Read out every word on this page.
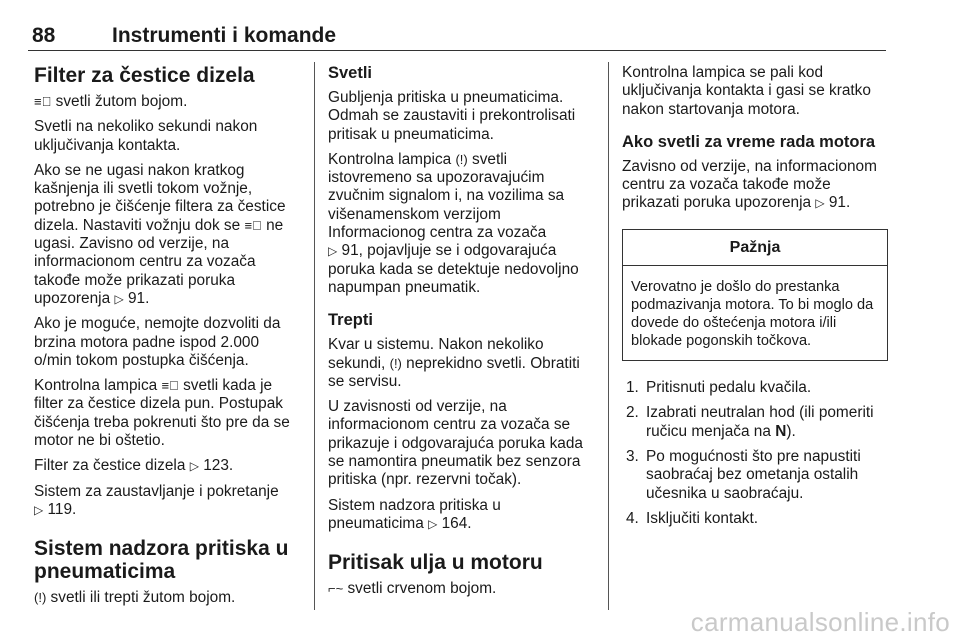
88	Instrumenti i komande
Filter za čestice dizela

≡⃝ svetli žutom bojom.

Svetli na nekoliko sekundi nakon uključivanja kontakta.

Ako se ne ugasi nakon kratkog kašnjenja ili svetli tokom vožnje, potrebno je čišćenje filtera za čestice dizela. Nastaviti vožnju dok se ≡⃝ ne ugasi. Zavisno od verzije, na informacionom centru za vozača takođe može prikazati poruka upozorenja ▷ 91.

Ako je moguće, nemojte dozvoliti da brzina motora padne ispod 2.000 o/min tokom postupka čišćenja.

Kontrolna lampica ≡⃝ svetli kada je filter za čestice dizela pun. Postupak čišćenja treba pokrenuti što pre da se motor ne bi oštetio.

Filter za čestice dizela ▷ 123.

Sistem za zaustavljanje i pokretanje
▷ 119.

Sistem nadzora pritiska u pneumaticima

(!) svetli ili trepti žutom bojom.

Svetli

Gubljenja pritiska u pneumaticima. Odmah se zaustaviti i prekontrolisati pritisak u pneumaticima.

Kontrolna lampica (!) svetli istovremeno sa upozoravajućim zvučnim signalom i, na vozilima sa višenamenskom verzijom Informacionog centra za vozača
▷ 91, pojavljuje se i odgovarajuća poruka kada se detektuje nedovoljno napumpan pneumatik.

Trepti

Kvar u sistemu. Nakon nekoliko sekundi, (!) neprekidno svetli. Obratiti se servisu.

U zavisnosti od verzije, na informacionom centru za vozača se prikazuje i odgovarajuća poruka kada se namontira pneumatik bez senzora pritiska (npr. rezervni točak).

Sistem nadzora pritiska u pneumaticima ▷ 164.

Pritisak ulja u motoru

⌐~ svetli crvenom bojom.

Kontrolna lampica se pali kod uključivanja kontakta i gasi se kratko nakon startovanja motora.

Ako svetli za vreme rada motora

Zavisno od verzije, na informacionom centru za vozača takođe može prikazati poruka upozorenja ▷ 91.

Pažnja
Verovatno je došlo do prestanka podmazivanja motora. To bi moglo da dovede do oštećenja motora i/ili blokade pogonskih točkova.
1. Pritisnuti pedalu kvačila.
2. Izabrati neutralan hod (ili pomeriti ručicu menjača na N).
3. Po mogućnosti što pre napustiti saobraćaj bez ometanja ostalih učesnika u saobraćaju.
4. Isključiti kontakt.
carmanualsonline.info
